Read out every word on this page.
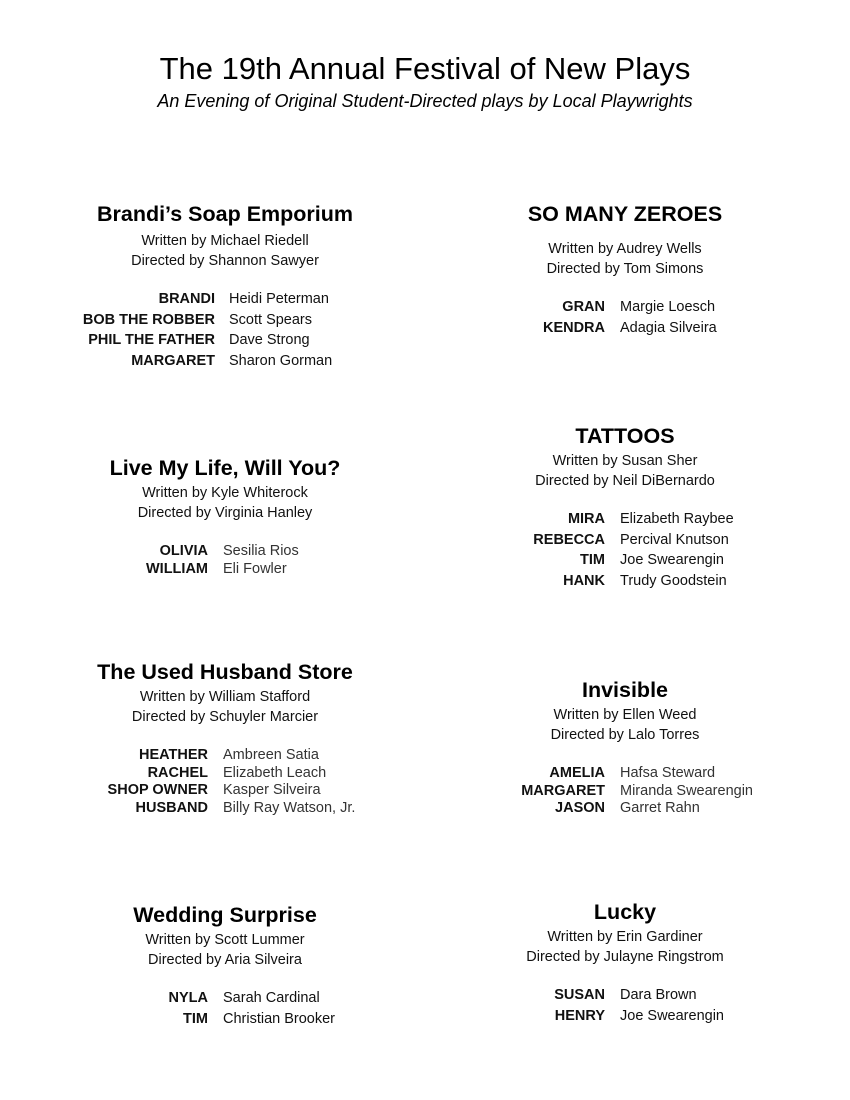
The 19th Annual Festival of New Plays
An Evening of Original Student-Directed plays by Local Playwrights
Brandi’s Soap Emporium
Written by Michael Riedell
Directed by Shannon Sawyer
BRANDI Heidi Peterman
BOB THE ROBBER Scott Spears
PHIL THE FATHER Dave Strong
MARGARET Sharon Gorman
SO MANY ZEROES
Written by Audrey Wells
Directed by Tom Simons
GRAN Margie Loesch
KENDRA Adagia Silveira
TATTOOS
Written by Susan Sher
Directed by Neil DiBernardo
MIRA Elizabeth Raybee
REBECCA Percival Knutson
TIM Joe Swearengin
HANK Trudy Goodstein
Live My Life, Will You?
Written by Kyle Whiterock
Directed by Virginia Hanley
OLIVIA Sesilia Rios
WILLIAM Eli Fowler
The Used Husband Store
Written by William Stafford
Directed by Schuyler Marcier
HEATHER Ambreen Satia
RACHEL Elizabeth Leach
SHOP OWNER Kasper Silveira
HUSBAND Billy Ray Watson, Jr.
Invisible
Written by Ellen Weed
Directed by Lalo Torres
AMELIA Hafsa Steward
MARGARET Miranda Swearengin
JASON Garret Rahn
Wedding Surprise
Written by Scott Lummer
Directed by Aria Silveira
NYLA Sarah Cardinal
TIM Christian Brooker
Lucky
Written by Erin Gardiner
Directed by Julayne Ringstrom
SUSAN Dara Brown
HENRY Joe Swearengin
